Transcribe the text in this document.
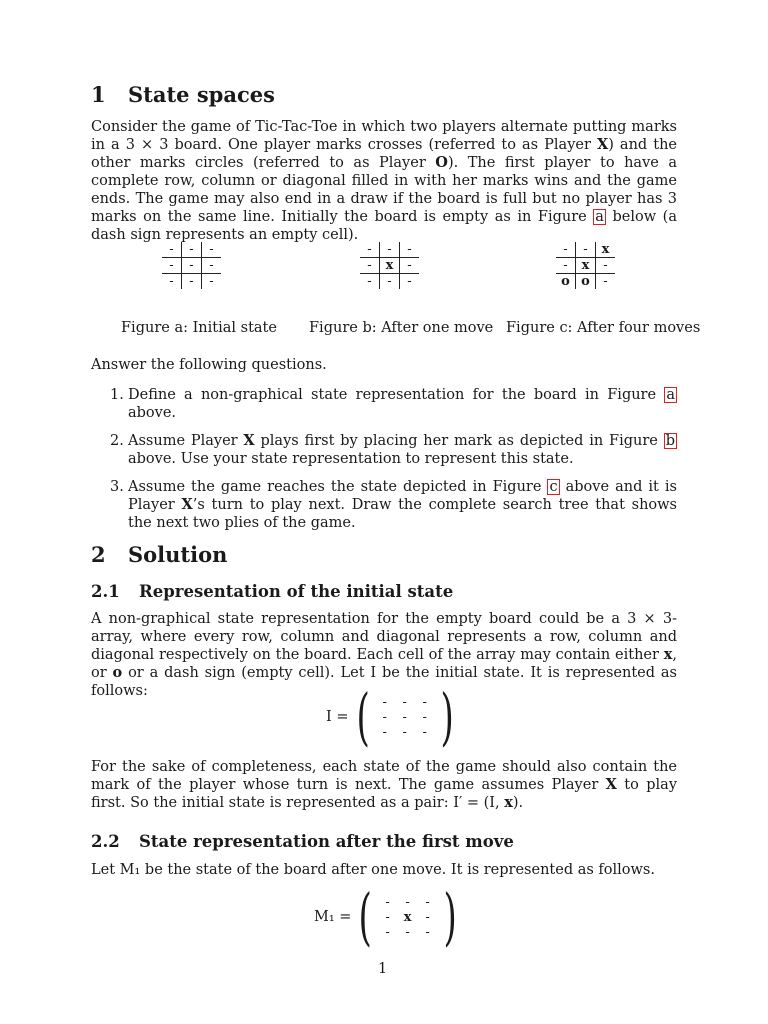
1 State spaces
Consider the game of Tic-Tac-Toe in which two players alternate putting marks in a 3 × 3 board. One player marks crosses (referred to as Player X) and the other marks circles (referred to as Player O). The first player to have a complete row, column or diagonal filled in with her marks wins and the game ends. The game may also end in a draw if the board is full but no player has 3 marks on the same line. Initially the board is empty as in Figure a below (a dash sign represents an empty cell).
-	-	-
-	-	-
-	-	-
-	-	-
-	x	-
-	-	-
-	-	x
-	x	-
o	o	-
Figure a: Initial state Figure b: After one move Figure c: After four moves
Answer the following questions.
1. Define a non-graphical state representation for the board in Figure a above.
2. Assume Player X plays first by placing her mark as depicted in Figure b above. Use your state representation to represent this state.
3. Assume the game reaches the state depicted in Figure c above and it is Player X’s turn to play next. Draw the complete search tree that shows the next two plies of the game.
2 Solution
2.1 Representation of the initial state
A non-graphical state representation for the empty board could be a 3 × 3-array, where every row, column and diagonal represents a row, column and diagonal respectively on the board. Each cell of the array may contain either x, or o or a dash sign (empty cell). Let I be the initial state. It is represented as follows:
I = (	-	-	-
-	-	-
-	-	- )
For the sake of completeness, each state of the game should also contain the mark of the player whose turn is next. The game assumes Player X to play first. So the initial state is represented as a pair: I′ = (I, x).
2.2 State representation after the first move
Let M₁ be the state of the board after one move. It is represented as follows.
M₁ = (	-	-	-
-	x	-
-	-	- )
1
